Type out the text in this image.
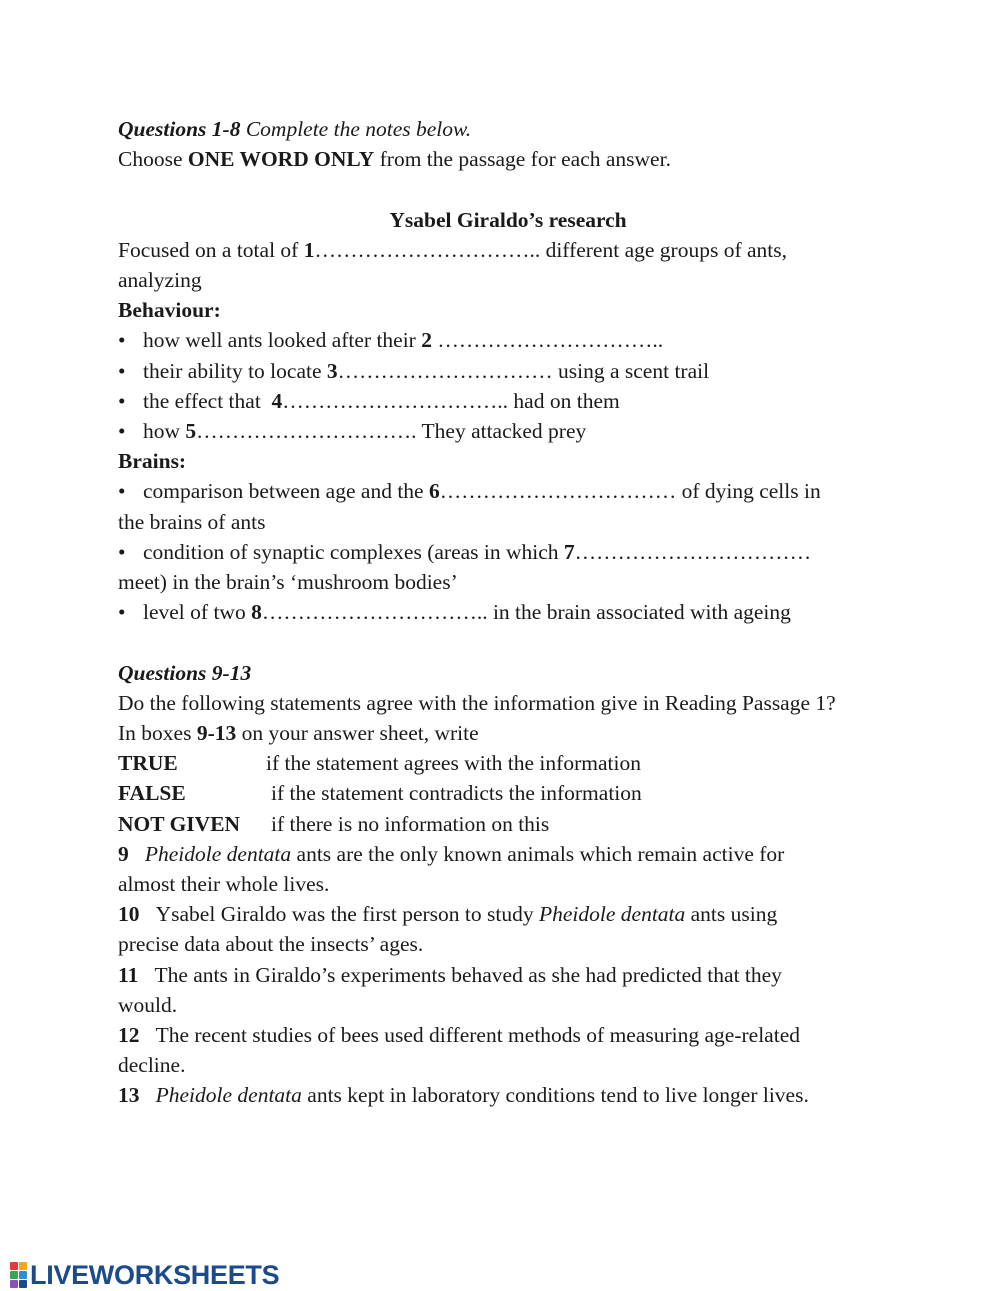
Questions 1-8 Complete the notes below.
Choose ONE WORD ONLY from the passage for each answer.
Ysabel Giraldo’s research
Focused on a total of 1………………………….. different age groups of ants,
analyzing
Behaviour:
• how well ants looked after their 2 …………………………..
• their ability to locate 3………………………… using a scent trail
• the effect that  4………………………….. had on them
• how 5…………………………. They attacked prey
Brains:
• comparison between age and the 6…………………………… of dying cells in
the brains of ants
• condition of synaptic complexes (areas in which 7……………………………
meet) in the brain’s ‘mushroom bodies’
• level of two 8………………………….. in the brain associated with ageing
Questions 9-13
Do the following statements agree with the information give in Reading Passage 1?
In boxes 9-13 on your answer sheet, write
TRUE	if the statement agrees with the information
FALSE	if the statement contradicts the information
NOT GIVEN if there is no information on this
9 Pheidole dentata ants are the only known animals which remain active for
almost their whole lives.
10 Ysabel Giraldo was the first person to study Pheidole dentata ants using
precise data about the insects’ ages.
11 The ants in Giraldo’s experiments behaved as she had predicted that they
would.
12 The recent studies of bees used different methods of measuring age-related
decline.
13 Pheidole dentata ants kept in laboratory conditions tend to live longer lives.
LIVEWORKSHEETS
